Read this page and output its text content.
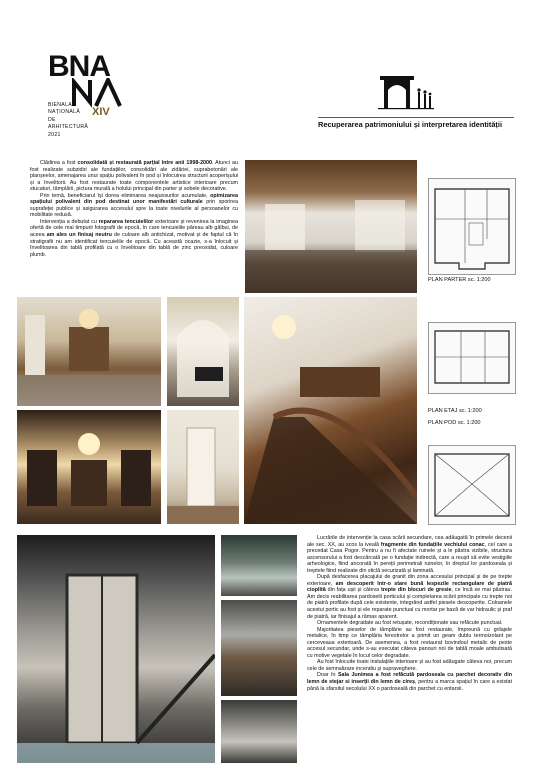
BNA
BIENALA
NAȚIONALĂ
DE
ARHITECTURĂ
2021
XIV
Recuperarea patrimoniului și interpretarea identității

Clădirea a fost consolidată și restaurată parțial între anii 1998-2000. Atunci au fost realizate subzidiri ale fundațiilor, consolidări ale zidăriei, suprabetonări ale planșeelor, amenajarea unui spațiu polivalent în pod și înlocuirea structurii acoperișului și a învelitorii. Au fost restaurate toate componentele artistice interioare precum stucaturi, tâmplării, pictura murală a holului principal din parter și sobele decorative.

Prin temă, beneficiarul își dorea eliminarea neajunsurilor acumulate, opimizarea spațiului polivalent din pod destinat unor manifestări culturale prin sporirea suprafeței publice și asigurarea accesului spre la toate nivelurile al persoanelor cu mobilitate redusă.

Intervenția a debutat cu repararea tencuielilor exterioare și revenirea la imaginea ofertă de cele mai timpurii fotografii de epocă, în care tencuielile păreau alb gălbui, de aceea am ales un finisaj neutru de culoare alb antichizat, motivat și de faptul că în stratigrafii nu am identificat tencuielile de epocă. Cu această ocazie, s-a înlocuit și învelitoarea din tablă profilată cu o învelitoare din tablă de zinc preoxidat, culoare plumb.

PLAN PARTER sc. 1:200
PLAN ETAJ sc. 1:200
PLAN POD sc. 1:200

Lucrările de intervenție la casa scării secundare, cea adăugată în primele decenii ale sec. XX, au scos la iveală fragmente din fundațiile vechiului conac, cel care a precedat Casa Pogor. Pentru a nu fi afectate ruinele și a le păstra vizibile, structura ascensorului a fost descărcată pe o fundație indirectă, care a reușit să evite vestigiile arheologice, fiind ancorată în pereții perimetrali ruinelor, în dreptul lor pardoseala și treptele fiind realizate din sticlă securizată și laminată.

După desfacerea placajului de granit din zona accesului principal și de pe trepte exterioare, am descoperit într-o stare bună lespezile rectangulare de piatră cioplită din fața ușii și câteva trepte din blocuri de gresie, ce încă se mai păstrau. Am decis reabilitarea pardoselii porticului și completarea scării principale cu trepte noi de piatră profilate după cele existente, integrând astfel piesele descoperite. Coloanele acestui portic au fost și ele reparate punctual cu mortar pe bază de var hidraulic și praf de piatră, iar finisajul a rămas aparent.

Ornamentele degradate au fost retușate, recondiționate sau refăcute punctual.

Majoritatea pieselor de tâmplărie au fost restaurate, împreună cu grilajele metalice, în timp ce tâmplăria ferestrelor a primit un geam dublu termoizolant pe cerceveaua exterioară. De asemenea, a fost restaurat bovindoul metalic de peste accesul secundar, unde s-au executat câteva panouri noi de tablă moale ambutisată cu motive vegetale în locul celor degradate.

Au fost înlocuite toate instalațiile interioare și au fost adăugate câteva noi, precum cele de semnalizare incendiu și supraveghere.

Doar în Sala Junimea a fost refăcută pardoseala cu parchet decorativ din lemn de stejar si inserții din lemn de cireș, pentru a marca spațiul în care a existat până la sfarsitul secolului XX o pardoseală din parchet cu entarsii.
